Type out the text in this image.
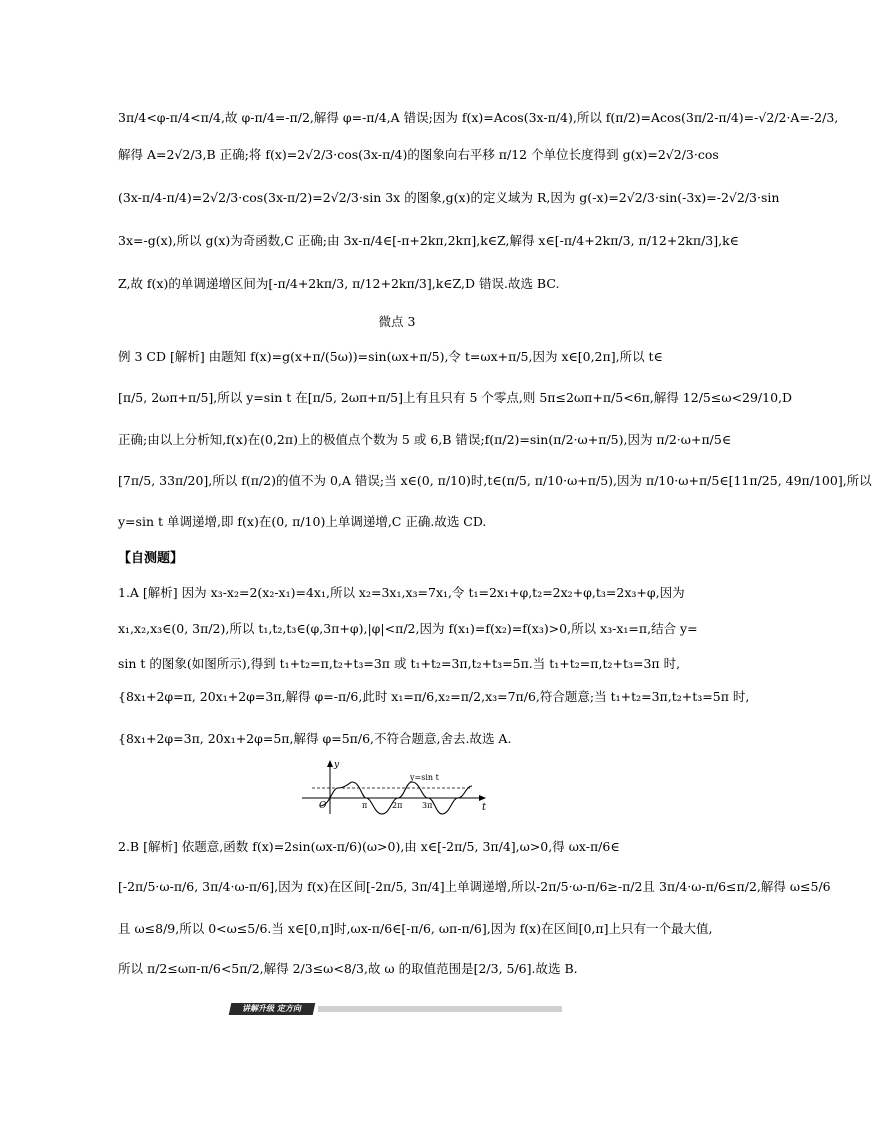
3π/4<φ-π/4<π/4,故 φ-π/4=-π/2,解得 φ=-π/4,A 错误;因为 f(x)=Acos(3x-π/4),所以 f(π/2)=Acos(3π/2-π/4)=-√2/2·A=-2/3,
解得 A=2√2/3,B 正确;将 f(x)=2√2/3·cos(3x-π/4)的图象向右平移 π/12 个单位长度得到 g(x)=2√2/3·cos
(3x-π/4-π/4)=2√2/3·cos(3x-π/2)=2√2/3·sin 3x 的图象,g(x)的定义域为 R,因为 g(-x)=2√2/3·sin(-3x)=-2√2/3·sin
3x=-g(x),所以 g(x)为奇函数,C 正确;由 3x-π/4∈[-π+2kπ,2kπ],k∈Z,解得 x∈[-π/4+2kπ/3, π/12+2kπ/3],k∈
Z,故 f(x)的单调递增区间为[-π/4+2kπ/3, π/12+2kπ/3],k∈Z,D 错误.故选 BC.
微点 3
例 3 CD [解析] 由题知 f(x)=g(x+π/(5ω))=sin(ωx+π/5),令 t=ωx+π/5,因为 x∈[0,2π],所以 t∈
[π/5, 2ωπ+π/5],所以 y=sin t 在[π/5, 2ωπ+π/5]上有且只有 5 个零点,则 5π≤2ωπ+π/5<6π,解得 12/5≤ω<29/10,D
正确;由以上分析知,f(x)在(0,2π)上的极值点个数为 5 或 6,B 错误;f(π/2)=sin(π/2·ω+π/5),因为 π/2·ω+π/5∈
[7π/5, 33π/20],所以 f(π/2)的值不为 0,A 错误;当 x∈(0, π/10)时,t∈(π/5, π/10·ω+π/5),因为 π/10·ω+π/5∈[11π/25, 49π/100],所以
y=sin t 单调递增,即 f(x)在(0, π/10)上单调递增,C 正确.故选 CD.
【自测题】
1.A [解析] 因为 x₃-x₂=2(x₂-x₁)=4x₁,所以 x₂=3x₁,x₃=7x₁,令 t₁=2x₁+φ,t₂=2x₂+φ,t₃=2x₃+φ,因为
x₁,x₂,x₃∈(0, 3π/2),所以 t₁,t₂,t₃∈(φ,3π+φ),|φ|<π/2,因为 f(x₁)=f(x₂)=f(x₃)>0,所以 x₃-x₁=π,结合 y=
sin t 的图象(如图所示),得到 t₁+t₂=π,t₂+t₃=3π 或 t₁+t₂=3π,t₂+t₃=5π.当 t₁+t₂=π,t₂+t₃=3π 时,
{8x₁+2φ=π, 20x₁+2φ=3π,解得 φ=-π/6,此时 x₁=π/6,x₂=π/2,x₃=7π/6,符合题意;当 t₁+t₂=3π,t₂+t₃=5π 时,
{8x₁+2φ=3π, 20x₁+2φ=5π,解得 φ=5π/6,不符合题意,舍去.故选 A.
y
t
O
y=sin t
π	2π 3π
2.B [解析] 依题意,函数 f(x)=2sin(ωx-π/6)(ω>0),由 x∈[-2π/5, 3π/4],ω>0,得 ωx-π/6∈
[-2π/5·ω-π/6, 3π/4·ω-π/6],因为 f(x)在区间[-2π/5, 3π/4]上单调递增,所以-2π/5·ω-π/6≥-π/2且 3π/4·ω-π/6≤π/2,解得 ω≤5/6
且 ω≤8/9,所以 0<ω≤5/6.当 x∈[0,π]时,ωx-π/6∈[-π/6, ωπ-π/6],因为 f(x)在区间[0,π]上只有一个最大值,
所以 π/2≤ωπ-π/6<5π/2,解得 2/3≤ω<8/3,故 ω 的取值范围是[2/3, 5/6].故选 B.
讲解升级 定方向
